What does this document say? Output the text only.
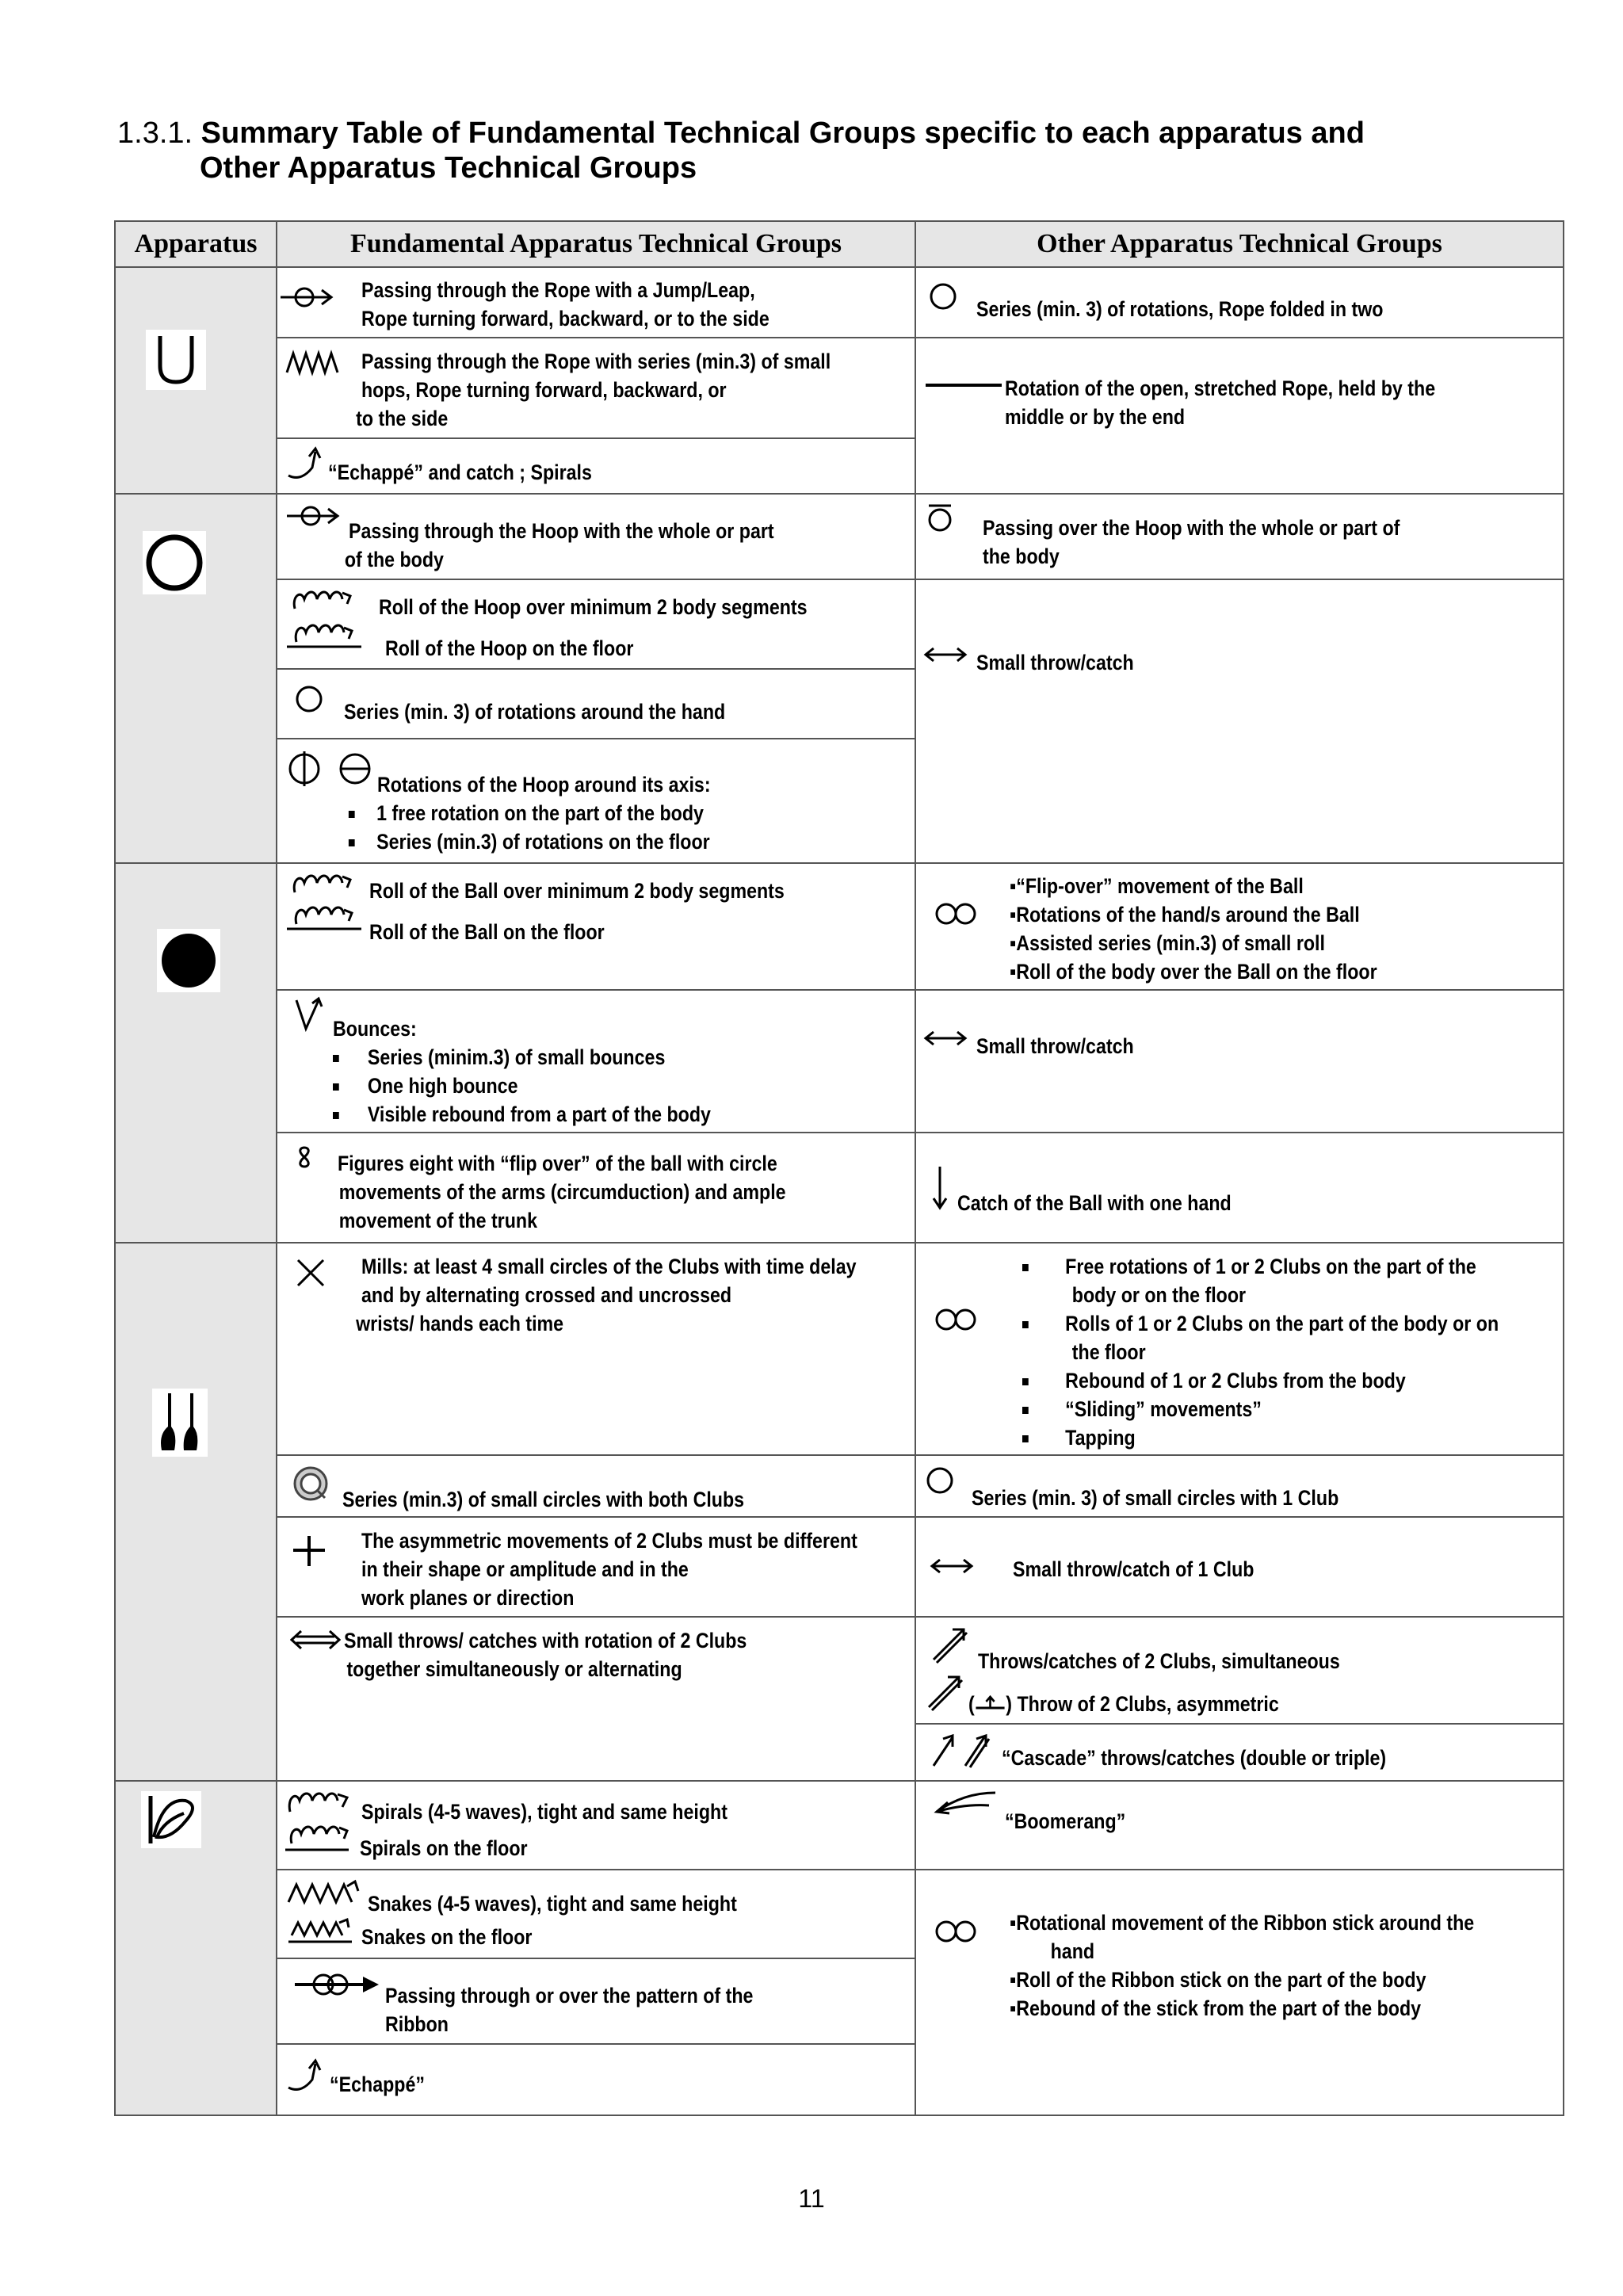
1.3.1. Summary Table of Fundamental Technical Groups specific to each apparatus and
Other Apparatus Technical Groups
Apparatus	Fundamental Apparatus Technical Groups	Other Apparatus Technical Groups
Passing through the Rope with a Jump/Leap,
Rope turning forward, backward, or to the side
Passing through the Rope with series (min.3) of small
hops, Rope turning forward, backward, or
to the side
“Echappé” and catch ; Spirals
Series (min. 3) of rotations, Rope folded in two
Rotation of the open, stretched Rope, held by the
middle or by the end
Passing through the Hoop with the whole or part
of the body
Roll of the Hoop over minimum 2 body segments
Roll of the Hoop on the floor
Series (min. 3) of rotations around the hand
Rotations of the Hoop around its axis:
1 free rotation on the part of the body
Series (min.3) of rotations on the floor
Passing over the Hoop with the whole or part of
the body
Small throw/catch
Roll of the Ball over minimum 2 body segments
Roll of the Ball on the floor
Bounces:
Series (minim.3) of small bounces
One high bounce
Visible rebound from a part of the body
Figures eight with “flip over” of the ball with circle
movements of the arms (circumduction) and ample
movement of the trunk
▪“Flip-over” movement of the Ball
▪Rotations of the hand/s around the Ball
▪Assisted series (min.3) of small roll
▪Roll of the body over the Ball on the floor
Small throw/catch
Catch of the Ball with one hand
Mills: at least 4 small circles of the Clubs with time delay
and by alternating crossed and uncrossed
wrists/ hands each time
Series (min.3) of small circles with both Clubs
The asymmetric movements of 2 Clubs must be different
in their shape or amplitude and in the
work planes or direction
Small throws/ catches with rotation of 2 Clubs
together simultaneously or alternating
Free rotations of 1 or 2 Clubs on the part of the
body or on the floor
Rolls of 1 or 2 Clubs on the part of the body or on
the floor
Rebound of 1 or 2 Clubs from the body
“Sliding” movements”
Tapping
Series (min. 3) of small circles with 1 Club
Small throw/catch of 1 Club
Throws/catches of 2 Clubs, simultaneous
( ) Throw of 2 Clubs, asymmetric
“Cascade” throws/catches (double or triple)
Spirals (4-5 waves), tight and same height
Spirals on the floor
Snakes (4-5 waves), tight and same height
Snakes on the floor
Passing through or over the pattern of the
Ribbon
“Echappé”
“Boomerang”
▪Rotational movement of the Ribbon stick around the
hand
▪Roll of the Ribbon stick on the part of the body
▪Rebound of the stick from the part of the body
11
